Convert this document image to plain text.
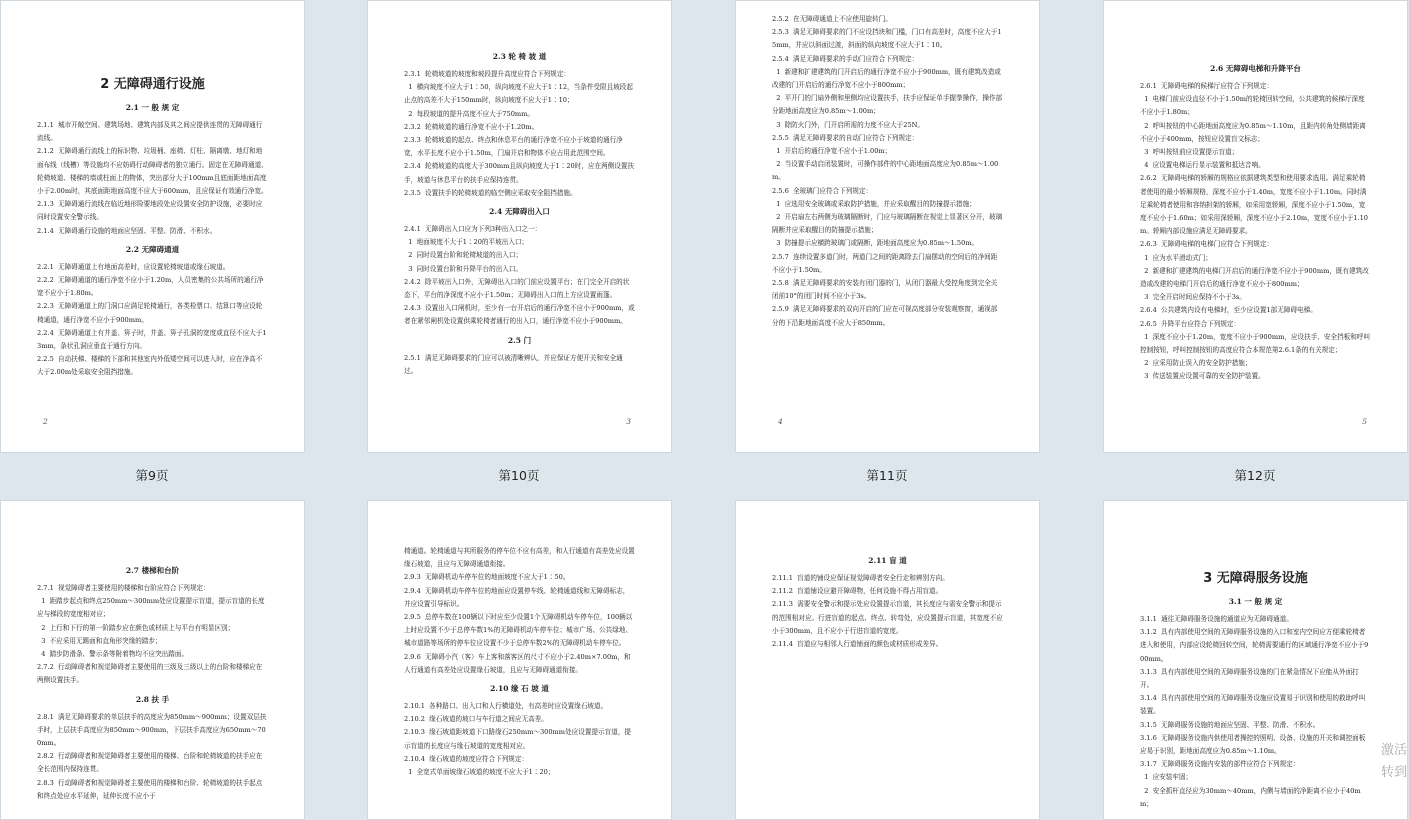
2 无障碍通行设施
2.1 一 般 规 定
2.1.1  城市开敞空间、建筑场地、建筑内部及其之间应提供连贯的无障碍通行流线。
2.1.2  无障碍通行流线上的标识物、垃圾桶、座椅、灯柱、隔离墩、地灯和地面布线（线槽）等设施均不应妨碍行动障碍者的独立通行。固定在无障碍通道、轮椅坡道、楼梯的墙或柱面上的物体，突出部分大于100mm且底面距地面高度小于2.00m时，其底面距地面高度不应大于600mm，且应保证有效通行净宽。
2.1.3  无障碍通行流线在临近地形险要地段处应设置安全防护设施，必要时应同时设置安全警示线。
2.1.4  无障碍通行设施的地面应坚固、平整、防滑、不积水。
2.2 无障碍通道
2.2.1  无障碍通道上有地面高差时，应设置轮椅坡道或缘石坡道。
2.2.2  无障碍通道的通行净宽不应小于1.20m，人员密集的公共场所的通行净宽不应小于1.80m。
2.2.3  无障碍通道上的门洞口应满足轮椅通行，各类检票口、结算口等应设轮椅通道，通行净宽不应小于900mm。
2.2.4  无障碍通道上有井盖、箅子时，井盖、箅子孔洞的宽度或直径不应大于13mm，条状孔洞应垂直于通行方向。
2.2.5  自动扶梯、楼梯的下部和其他室内外低矮空间可以进入时，应在净高不大于2.00m处采取安全阻挡措施。
2
2.3 轮 椅 坡 道
2.3.1  轮椅坡道的坡度和坡段提升高度应符合下列规定：
1  横向坡度不应大于1∶50，纵向坡度不应大于1∶12，当条件受限且坡段起止点的高差不大于150mm时，纵向坡度不应大于1∶10；
2  每段坡道的提升高度不应大于750mm。
2.3.2  轮椅坡道的通行净宽不应小于1.20m。
2.3.3  轮椅坡道的起点、终点和休息平台的通行净宽不应小于坡道的通行净宽，水平长度不应小于1.50m，门扇开启和物体不应占用此范围空间。
2.3.4  轮椅坡道的高度大于300mm且纵向坡度大于1∶20时，应在两侧设置扶手，坡道与休息平台的扶手应保持连贯。
2.3.5  设置扶手的轮椅坡道的临空侧应采取安全阻挡措施。
2.4 无障碍出入口
2.4.1  无障碍出入口应为下列3种出入口之一：
1  地面坡度不大于1∶20的平坡出入口；
2  同时设置台阶和轮椅坡道的出入口；
3  同时设置台阶和升降平台的出入口。
2.4.2  除平坡出入口外，无障碍出入口的门前应设置平台；在门完全开启的状态下，平台的净深度不应小于1.50m；无障碍出入口的上方应设置雨篷。
2.4.3  设置出入口闸机时，至少有一台开启后的通行净宽不应小于900mm，或者在紧邻闸机处设置供乘轮椅者通行的出入口，通行净宽不应小于900mm。
2.5 门
2.5.1  满足无障碍要求的门应可以被清晰辨认，并应保证方便开关和安全通过。
3
2.5.2  在无障碍通道上不应使用旋转门。
2.5.3  满足无障碍要求的门不应设挡块和门槛，门口有高差时，高度不应大于15mm，并应以斜面过渡，斜面的纵向坡度不应大于1∶10。
2.5.4  满足无障碍要求的手动门应符合下列规定：
1  新建和扩建建筑的门开启后的通行净宽不应小于900mm，既有建筑改造或改建的门开启后的通行净宽不应小于800mm；
2  平开门的门扇外侧和里侧均应设置扶手，扶手应保证单手握拳操作，操作部分距地面高度应为0.85m～1.00m；
3  除防火门外，门开启所需的力度不应大于25N。
2.5.5  满足无障碍要求的自动门应符合下列规定：
1  开启后的通行净宽不应小于1.00m；
2  当设置手动启闭装置时，可操作部件的中心距地面高度应为0.85m～1.00m。
2.5.6  全玻璃门应符合下列规定：
1  应选用安全玻璃或采取防护措施，并应采取醒目的防撞提示措施；
2  开启扇左右两侧为玻璃隔断时，门应与玻璃隔断在视觉上显著区分开，玻璃隔断并应采取醒目的防撞提示措施；
3  防撞提示应横跨玻璃门或隔断，距地面高度应为0.85m～1.50m。
2.5.7  连续设置多道门时，两道门之间的距离除去门扇摆动的空间后的净间距不应小于1.50m。
2.5.8  满足无障碍要求的安装有闭门器的门，从闭门器最大受控角度到完全关闭前10°的闭门时间不应小于3s。
2.5.9  满足无障碍要求的双向开启的门应在可视高度部分安装观察窗，通视部分的下沿距地面高度不应大于850mm。
4
2.6 无障碍电梯和升降平台
2.6.1  无障碍电梯的候梯厅应符合下列规定：
1  电梯门前应设直径不小于1.50m的轮椅回转空间，公共建筑的候梯厅深度不应小于1.80m；
2  呼叫按钮的中心距地面高度应为0.85m～1.10m，且距内转角处侧墙距离不应小于400mm，按钮应设置盲文标志；
3  呼叫按钮前应设置提示盲道；
4  应设置电梯运行显示装置和抵达音响。
2.6.2  无障碍电梯的轿厢的规格应依据建筑类型和使用要求选用。满足乘轮椅者使用的最小轿厢规格，深度不应小于1.40m，宽度不应小于1.10m。同时满足乘轮椅者使用和容纳担架的轿厢，如采用宽轿厢，深度不应小于1.50m，宽度不应小于1.60m；如采用深轿厢，深度不应小于2.10m，宽度不应小于1.10m。轿厢内部设施应满足无障碍要求。
2.6.3  无障碍电梯的电梯门应符合下列规定：
1  应为水平滑动式门；
2  新建和扩建建筑的电梯门开启后的通行净宽不应小于900mm，既有建筑改造或改建的电梯门开启后的通行净宽不应小于800mm；
3  完全开启时间应保持不小于3s。
2.6.4  公共建筑内设有电梯时，至少应设置1部无障碍电梯。
2.6.5  升降平台应符合下列规定：
1  深度不应小于1.20m，宽度不应小于900mm，应设扶手、安全挡板和呼叫控制按钮，呼叫控制按钮的高度应符合本规范第2.6.1条的有关规定；
2  应采用防止误入的安全防护措施；
3  传送装置应设置可靠的安全防护装置。
5
第9页	第10页	第11页	第12页
2.7 楼梯和台阶
2.7.1  视觉障碍者主要使用的楼梯和台阶应符合下列规定：
1  距踏步起点和终点250mm～300mm处应设置提示盲道，提示盲道的长度应与梯段的宽度相对应；
2  上行和下行的第一阶踏步应在颜色或材质上与平台有明显区别；
3  不应采用无踢面和直角形突缘的踏步；
4  踏步防滑条、警示条等附着物均不应突出踏面。
2.7.2  行动障碍者和视觉障碍者主要使用的三级及三级以上的台阶和楼梯应在两侧设置扶手。
2.8 扶 手
2.8.1  满足无障碍要求的单层扶手的高度应为850mm～900mm；设置双层扶手时，上层扶手高度应为850mm～900mm，下层扶手高度应为650mm～700mm。
2.8.2  行动障碍者和视觉障碍者主要使用的楼梯、台阶和轮椅坡道的扶手应在全长范围内保持连贯。
2.8.3  行动障碍者和视觉障碍者主要使用的楼梯和台阶、轮椅坡道的扶手起点和终点处应水平延伸，延伸长度不应小于
椅通道。轮椅通道与其所服务的停车位不应有高差，和人行通道有高差处应设置缘石坡道，且应与无障碍通道衔接。
2.9.3  无障碍机动车停车位的地面坡度不应大于1∶50。
2.9.4  无障碍机动车停车位的地面应设置停车线、轮椅通道线和无障碍标志，并应设置引导标识。
2.9.5  总停车数在100辆以下时应至少设置1个无障碍机动车停车位，100辆以上时应设置不少于总停车数1%的无障碍机动车停车位；城市广场、公共绿地、城市道路等场所的停车位应设置不少于总停车数2%的无障碍机动车停车位。
2.9.6  无障碍小汽（客）车上客和落客区的尺寸不应小于2.40m×7.00m，和人行通道有高差处应设置缘石坡道，且应与无障碍通道衔接。
2.10 缘 石 坡 道
2.10.1  各种路口、出入口和人行横道处，有高差时应设置缘石坡道。
2.10.2  缘石坡道的坡口与车行道之间应无高差。
2.10.3  缘石坡道距坡道下口路缘石250mm～300mm处应设置提示盲道，提示盲道的长度应与缘石坡道的宽度相对应。
2.10.4  缘石坡道的坡度应符合下列规定：
1  全宽式单面坡缘石坡道的坡度不应大于1∶20；
2.11 盲 道
2.11.1  盲道的铺设应保证视觉障碍者安全行走和辨别方向。
2.11.2  盲道铺设应避开障碍物，任何设施不得占用盲道。
2.11.3  需要安全警示和提示处应设置提示盲道，其长度应与需安全警示和提示的范围相对应。行进盲道的起点、终点、转弯处，应设置提示盲道，其宽度不应小于300mm，且不应小于行进盲道的宽度。
2.11.4  盲道应与相邻人行道铺面的颜色或材质形成差异。
3 无障碍服务设施
3.1 一 般 规 定
3.1.1  通往无障碍服务设施的通道应为无障碍通道。
3.1.2  具有内部使用空间的无障碍服务设施的入口和室内空间应方便乘轮椅者进入和使用，内部应设轮椅回转空间，轮椅需要通行的区域通行净宽不应小于900mm。
3.1.3  具有内部使用空间的无障碍服务设施的门在紧急情况下应能从外面打开。
3.1.4  具有内部使用空间的无障碍服务设施应设置易于识别和使用的救助呼叫装置。
3.1.5  无障碍服务设施的地面应坚固、平整、防滑、不积水。
3.1.6  无障碍服务设施内供使用者操控的照明、设备、设施的开关和调控面板应易于识别，距地面高度应为0.85m～1.10m。
3.1.7  无障碍服务设施内安装的部件应符合下列规定：
1  应安装牢固；
2  安全抓杆直径应为30mm～40mm，内侧与墙面的净距离不应小于40mm；
激活
转到
